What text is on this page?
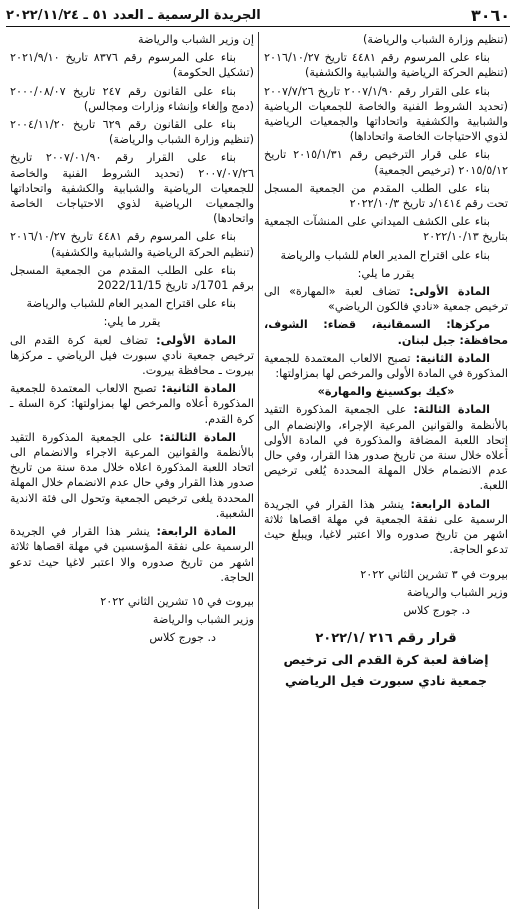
٣٠٦٠
الجريدة الرسمية ـ العدد ٥١ ـ ٢٠٢٢/١١/٢٤

(تنظيم وزارة الشباب والرياضة)

بناء على المرسوم رقم ٤٤٨١ تاريخ ٢٠١٦/١٠/٢٧ (تنظيم الحركة الرياضية والشبابية والكشفية)

بناء على القرار رقم ٢٠٠٧/١/٩٠ تاريخ ٢٠٠٧/٧/٢٦ (تحديد الشروط الفنية والخاصة للجمعيات الرياضية والشبابية والكشفية واتحاداتها والجمعيات الرياضية لذوي الاحتياجات الخاصة واتحاداها)

بناء على قرار الترخيص رقم ٢٠١٥/١/٣١ تاريخ ٢٠١٥/٥/١٢ (ترخيص الجمعية)

بناء على الطلب المقدم من الجمعية المسجل تحت رقم ١٤١٤/د تاريخ ٢٠٢٢/١٠/٣

بناء على الكشف الميداني على المنشآت الجمعية بتاريخ ٢٠٢٢/١٠/١٣

بناء على اقتراح المدير العام للشباب والرياضة

يقرر ما يلي:

المادة الأولى: تضاف لعبة «المهارة» الى ترخيص جمعية «نادي فالكون الرياضي»

مركزها: السمقانية، قضاء: الشوف، محافظة: جبل لبنان.

المادة الثانية: تصبح الالعاب المعتمدة للجمعية المذكورة في المادة الأولى والمرخص لها بمزاولتها:

«كيك بوكسينغ والمهارة»

المادة الثالثة: على الجمعية المذكورة التقيد بالأنظمة والقوانين المرعية الإجراء، والإنضمام الى إتحاد اللعبة المضافة والمذكورة في المادة الأولى أعلاه خلال سنة من تاريخ صدور هذا القرار، وفي حال عدم الانضمام خلال المهلة المحددة يُلغى ترخيص اللعبة.

المادة الرابعة: ينشر هذا القرار في الجريدة الرسمية على نفقة الجمعية في مهلة اقصاها ثلاثة اشهر من تاريخ صدوره والا اعتبر لاغيا، ويبلغ حيث تدعو الحاجة.

بيروت في ٣ تشرين الثاني ٢٠٢٢

وزير الشباب والرياضة

د. جورج كلاس

قرار رقم ٢١٦ /٢٠٢٢/١
إضافة لعبة كرة القدم الى ترخيص
جمعية نادي سبورت فيل الرياضي

إن وزير الشباب والرياضة

بناء على المرسوم رقم ٨٣٧٦ تاريخ ٢٠٢١/٩/١٠ (تشكيل الحكومة)

بناء على القانون رقم ٢٤٧ تاريخ ٢٠٠٠/٠٨/٠٧ (دمج وإلغاء وإنشاء وزارات ومجالس)

بناء على القانون رقم ٦٢٩ تاريخ ٢٠٠٤/١١/٢٠ (تنظيم وزارة الشباب والرياضة)

بناء على القرار رقم ٢٠٠٧/٠١/٩٠ تاريخ ٢٠٠٧/٠٧/٢٦ (تحديد الشروط الفنية والخاصة للجمعيات الرياضية والشبابية والكشفية واتحاداتها والجمعيات الرياضية لذوي الاحتياجات الخاصة واتحادها)

بناء على المرسوم رقم ٤٤٨١ تاريخ ٢٠١٦/١٠/٢٧ (تنظيم الحركة الرياضية والشبابية والكشفية)

بناء على الطلب المقدم من الجمعية المسجل برقم 1701/د تاريخ 2022/11/15

بناء على اقتراح المدير العام للشباب والرياضة

يقرر ما يلي:

المادة الأولى: تضاف لعبة كرة القدم الى ترخيص جمعية نادي سبورت فيل الرياضي ـ مركزها بيروت ـ محافظة بيروت.

المادة الثانية: تصبح الالعاب المعتمدة للجمعية المذكورة أعلاه والمرخص لها بمزاولتها: كرة السلة ـ كرة القدم.

المادة الثالثة: على الجمعية المذكورة التقيد بالأنظمة والقوانين المرعية الاجراء والانضمام الى اتحاد اللعبة المذكورة اعلاه خلال مدة سنة من تاريخ صدور هذا القرار وفي حال عدم الانضمام خلال المهلة المحددة يلغى ترخيص الجمعية وتحول الى فئة الاندية الشعبية.

المادة الرابعة: ينشر هذا القرار في الجريدة الرسمية على نفقة المؤسسين في مهلة اقصاها ثلاثة اشهر من تاريخ صدوره والا اعتبر لاغيا حيث تدعو الحاجة.

بيروت في ١٥ تشرين الثاني ٢٠٢٢

وزير الشباب والرياضة

د. جورج كلاس
